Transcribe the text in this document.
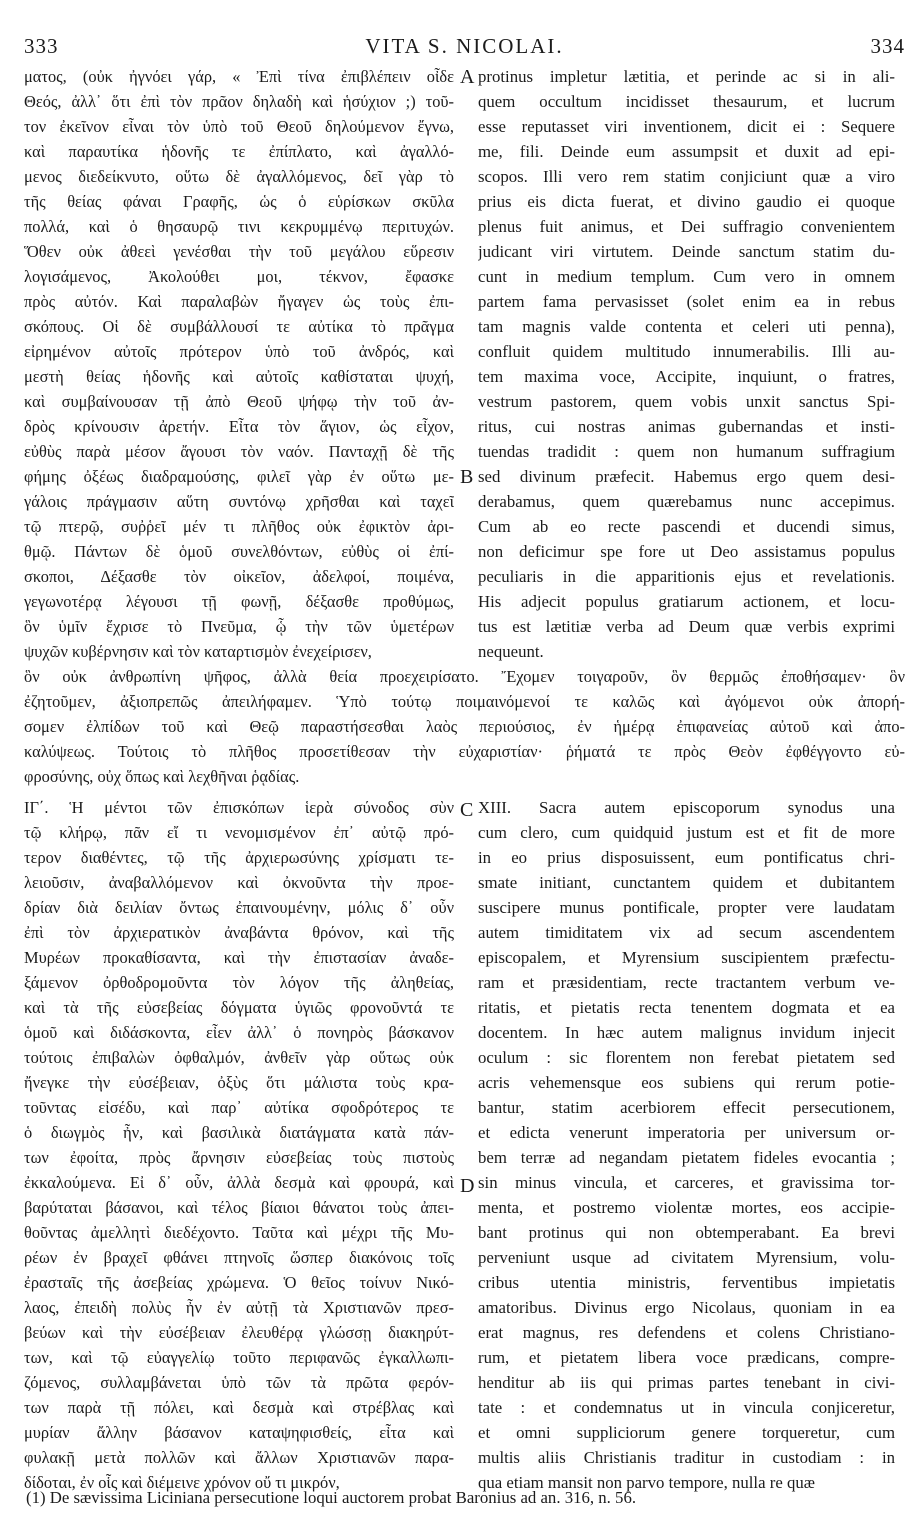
333	VITA S. NICOLAI.	334
ματος, (οὐκ ἠγνόει γάρ, « Ἐπὶ τίνα ἐπιβλέπειν οἶδε
Θεός, ἀλλ᾽ ὅτι ἐπὶ τὸν πρᾶον δηλαδὴ καὶ ἡσύχιον ;) τοῦ-
τον ἐκεῖνον εἶναι τὸν ὑπὸ τοῦ Θεοῦ δηλούμενον ἔγνω,
καὶ παραυτίκα ἡδονῆς τε ἐπίπλατο, καὶ ἀγαλλό-
μενος διεδείκνυτο, οὕτω δὲ ἀγαλλόμενος, δεῖ γὰρ τὸ
τῆς θείας φάναι Γραφῆς, ὡς ὁ εὑρίσκων σκῦλα
πολλά, καὶ ὁ θησαυρῷ τινι κεκρυμμένῳ περιτυχών.
Ὅθεν οὐκ ἀθεεὶ γενέσθαι τὴν τοῦ μεγάλου εὕρεσιν
λογισάμενος, Ἀκολούθει μοι, τέκνον, ἔφασκε
πρὸς αὐτόν. Καὶ παραλαβὼν ἤγαγεν ὡς τοὺς ἐπι-
σκόπους. Οἱ δὲ συμβάλλουσί τε αὐτίκα τὸ πρᾶγμα
εἰρημένον αὐτοῖς πρότερον ὑπὸ τοῦ ἀνδρός, καὶ
μεστὴ θείας ἡδονῆς καὶ αὐτοῖς καθίσταται ψυχή,
καὶ συμβαίνουσαν τῇ ἀπὸ Θεοῦ ψήφῳ τὴν τοῦ ἀν-
δρὸς κρίνουσιν ἀρετήν. Εἶτα τὸν ἅγιον, ὡς εἶχον,
εὐθὺς παρὰ μέσον ἄγουσι τὸν ναόν. Πανταχῇ δὲ τῆς
φήμης ὀξέως διαδραμούσης, φιλεῖ γὰρ ἐν οὕτω με-
γάλοις πράγμασιν αὕτη συντόνῳ χρῆσθαι καὶ ταχεῖ
τῷ πτερῷ, συῤῥεῖ μέν τι πλῆθος οὐκ ἐφικτὸν ἀρι-
θμῷ. Πάντων δὲ ὁμοῦ συνελθόντων, εὐθὺς οἱ ἐπί-
σκοποι, Δέξασθε τὸν οἰκεῖον, ἀδελφοί, ποιμένα,
γεγωνοτέρᾳ λέγουσι τῇ φωνῇ, δέξασθε προθύμως,
ὃν ὑμῖν ἔχρισε τὸ Πνεῦμα, ᾧ τὴν τῶν ὑμετέρων
ψυχῶν κυβέρνησιν καὶ τὸν καταρτισμὸν ἐνεχείρισεν,
A
B
protinus impletur lætitia, et perinde ac si in ali-
quem occultum incidisset thesaurum, et lucrum
esse reputasset viri inventionem, dicit ei : Sequere
me, fili. Deinde eum assumpsit et duxit ad epi-
scopos. Illi vero rem statim conjiciunt quæ a viro
prius eis dicta fuerat, et divino gaudio ei quoque
plenus fuit animus, et Dei suffragio convenientem
judicant viri virtutem. Deinde sanctum statim du-
cunt in medium templum. Cum vero in omnem
partem fama pervasisset (solet enim ea in rebus
tam magnis valde contenta et celeri uti penna),
confluit quidem multitudo innumerabilis. Illi au-
tem maxima voce, Accipite, inquiunt, o fratres,
vestrum pastorem, quem vobis unxit sanctus Spi-
ritus, cui nostras animas gubernandas et insti-
tuendas tradidit : quem non humanum suffragium
sed divinum præfecit. Habemus ergo quem desi-
derabamus, quem quærebamus nunc accepimus.
Cum ab eo recte pascendi et ducendi simus,
non deficimur spe fore ut Deo assistamus populus
peculiaris in die apparitionis ejus et revelationis.
His adjecit populus gratiarum actionem, et locu-
tus est lætitiæ verba ad Deum quæ verbis exprimi
nequeunt.
ὃν οὐκ ἀνθρωπίνη ψῆφος, ἀλλὰ θεία προεχειρίσατο. Ἔχομεν τοιγαροῦν, ὃν θερμῶς ἐποθήσαμεν· ὃν
ἐζητοῦμεν, ἀξιοπρεπῶς ἀπειλήφαμεν. Ὑπὸ τούτῳ ποιμαινόμενοί τε καλῶς καὶ ἀγόμενοι οὐκ ἀπορή-
σομεν ἐλπίδων τοῦ καὶ Θεῷ παραστήσεσθαι λαὸς περιούσιος, ἐν ἡμέρᾳ ἐπιφανείας αὐτοῦ καὶ ἀπο-
καλύψεως. Τούτοις τὸ πλῆθος προσετίθεσαν τὴν εὐχαριστίαν· ῥήματά τε πρὸς Θεὸν ἐφθέγγοντο εὐ-
φροσύνης, οὐχ ὅπως καὶ λεχθῆναι ῥᾳδίας.
ΙΓ΄. Ἡ μέντοι τῶν ἐπισκόπων ἱερὰ σύνοδος σὺν
τῷ κλήρῳ, πᾶν εἴ τι νενομισμένον ἐπ᾽ αὐτῷ πρό-
τερον διαθέντες, τῷ τῆς ἀρχιερωσύνης χρίσματι τε-
λειοῦσιν, ἀναβαλλόμενον καὶ ὀκνοῦντα τὴν προε-
δρίαν διὰ δειλίαν ὄντως ἐπαινουμένην, μόλις δ᾽ οὖν
ἐπὶ τὸν ἀρχιερατικὸν ἀναβάντα θρόνον, καὶ τῆς
Μυρέων προκαθίσαντα, καὶ τὴν ἐπιστασίαν ἀναδε-
ξάμενον ὀρθοδρομοῦντα τὸν λόγον τῆς ἀληθείας,
καὶ τὰ τῆς εὐσεβείας δόγματα ὑγιῶς φρονοῦντά τε
ὁμοῦ καὶ διδάσκοντα, εἶεν ἀλλ᾽ ὁ πονηρὸς βάσκανον
τούτοις ἐπιβαλὼν ὀφθαλμόν, ἀνθεῖν γὰρ οὕτως οὐκ
ἤνεγκε τὴν εὐσέβειαν, ὀξὺς ὅτι μάλιστα τοὺς κρα-
τοῦντας εἰσέδυ, καὶ παρ᾽ αὐτίκα σφοδρότερος τε
ὁ διωγμὸς ἦν, καὶ βασιλικὰ διατάγματα κατὰ πάν-
των ἐφοίτα, πρὸς ἄρνησιν εὐσεβείας τοὺς πιστοὺς
ἐκκαλούμενα. Εἰ δ᾽ οὖν, ἀλλὰ δεσμὰ καὶ φρουρά, καὶ
βαρύταται βάσανοι, καὶ τέλος βίαιοι θάνατοι τοὺς ἀπει-
θοῦντας ἀμελλητὶ διεδέχοντο. Ταῦτα καὶ μέχρι τῆς Μυ-
ρέων ἐν βραχεῖ φθάνει πτηνοῖς ὥσπερ διακόνοις τοῖς
ἐρασταῖς τῆς ἀσεβείας χρώμενα. Ὁ θεῖος τοίνυν Νικό-
λαος, ἐπειδὴ πολὺς ἦν ἐν αὐτῇ τὰ Χριστιανῶν πρεσ-
βεύων καὶ τὴν εὐσέβειαν ἐλευθέρᾳ γλώσσῃ διακηρύτ-
των, καὶ τῷ εὐαγγελίῳ τοῦτο περιφανῶς ἐγκαλλωπι-
ζόμενος, συλλαμβάνεται ὑπὸ τῶν τὰ πρῶτα φερόν-
των παρὰ τῇ πόλει, καὶ δεσμὰ καὶ στρέβλας καὶ
μυρίαν ἄλλην βάσανον καταψηφισθείς, εἶτα καὶ
φυλακῇ μετὰ πολλῶν καὶ ἄλλων Χριστιανῶν παρα-
δίδοται, ἐν οἷς καὶ διέμεινε χρόνον οὔ τι μικρόν,
C
D
XIII. Sacra autem episcoporum synodus una
cum clero, cum quidquid justum est et fit de more
in eo prius disposuissent, eum pontificatus chri-
smate initiant, cunctantem quidem et dubitantem
suscipere munus pontificale, propter vere laudatam
autem timiditatem vix ad secum ascendentem
episcopalem, et Myrensium suscipientem præfectu-
ram et præsidentiam, recte tractantem verbum ve-
ritatis, et pietatis recta tenentem dogmata et ea
docentem. In hæc autem malignus invidum injecit
oculum : sic florentem non ferebat pietatem sed
acris vehemensque eos subiens qui rerum potie-
bantur, statim acerbiorem effecit persecutionem,
et edicta venerunt imperatoria per universum or-
bem terræ ad negandam pietatem fideles evocantia ;
sin minus vincula, et carceres, et gravissima tor-
menta, et postremo violentæ mortes, eos accipie-
bant protinus qui non obtemperabant. Ea brevi
perveniunt usque ad civitatem Myrensium, volu-
cribus utentia ministris, ferventibus impietatis
amatoribus. Divinus ergo Nicolaus, quoniam in ea
erat magnus, res defendens et colens Christiano-
rum, et pietatem libera voce prædicans, compre-
henditur ab iis qui primas partes tenebant in civi-
tate : et condemnatus ut in vincula conjiceretur,
et omni suppliciorum genere torqueretur, cum
multis aliis Christianis traditur in custodiam : in
qua etiam mansit non parvo tempore, nulla re quæ
(1) De sævissima Liciniana persecutione loqui auctorem probat Baronius ad an. 316, n. 56.
